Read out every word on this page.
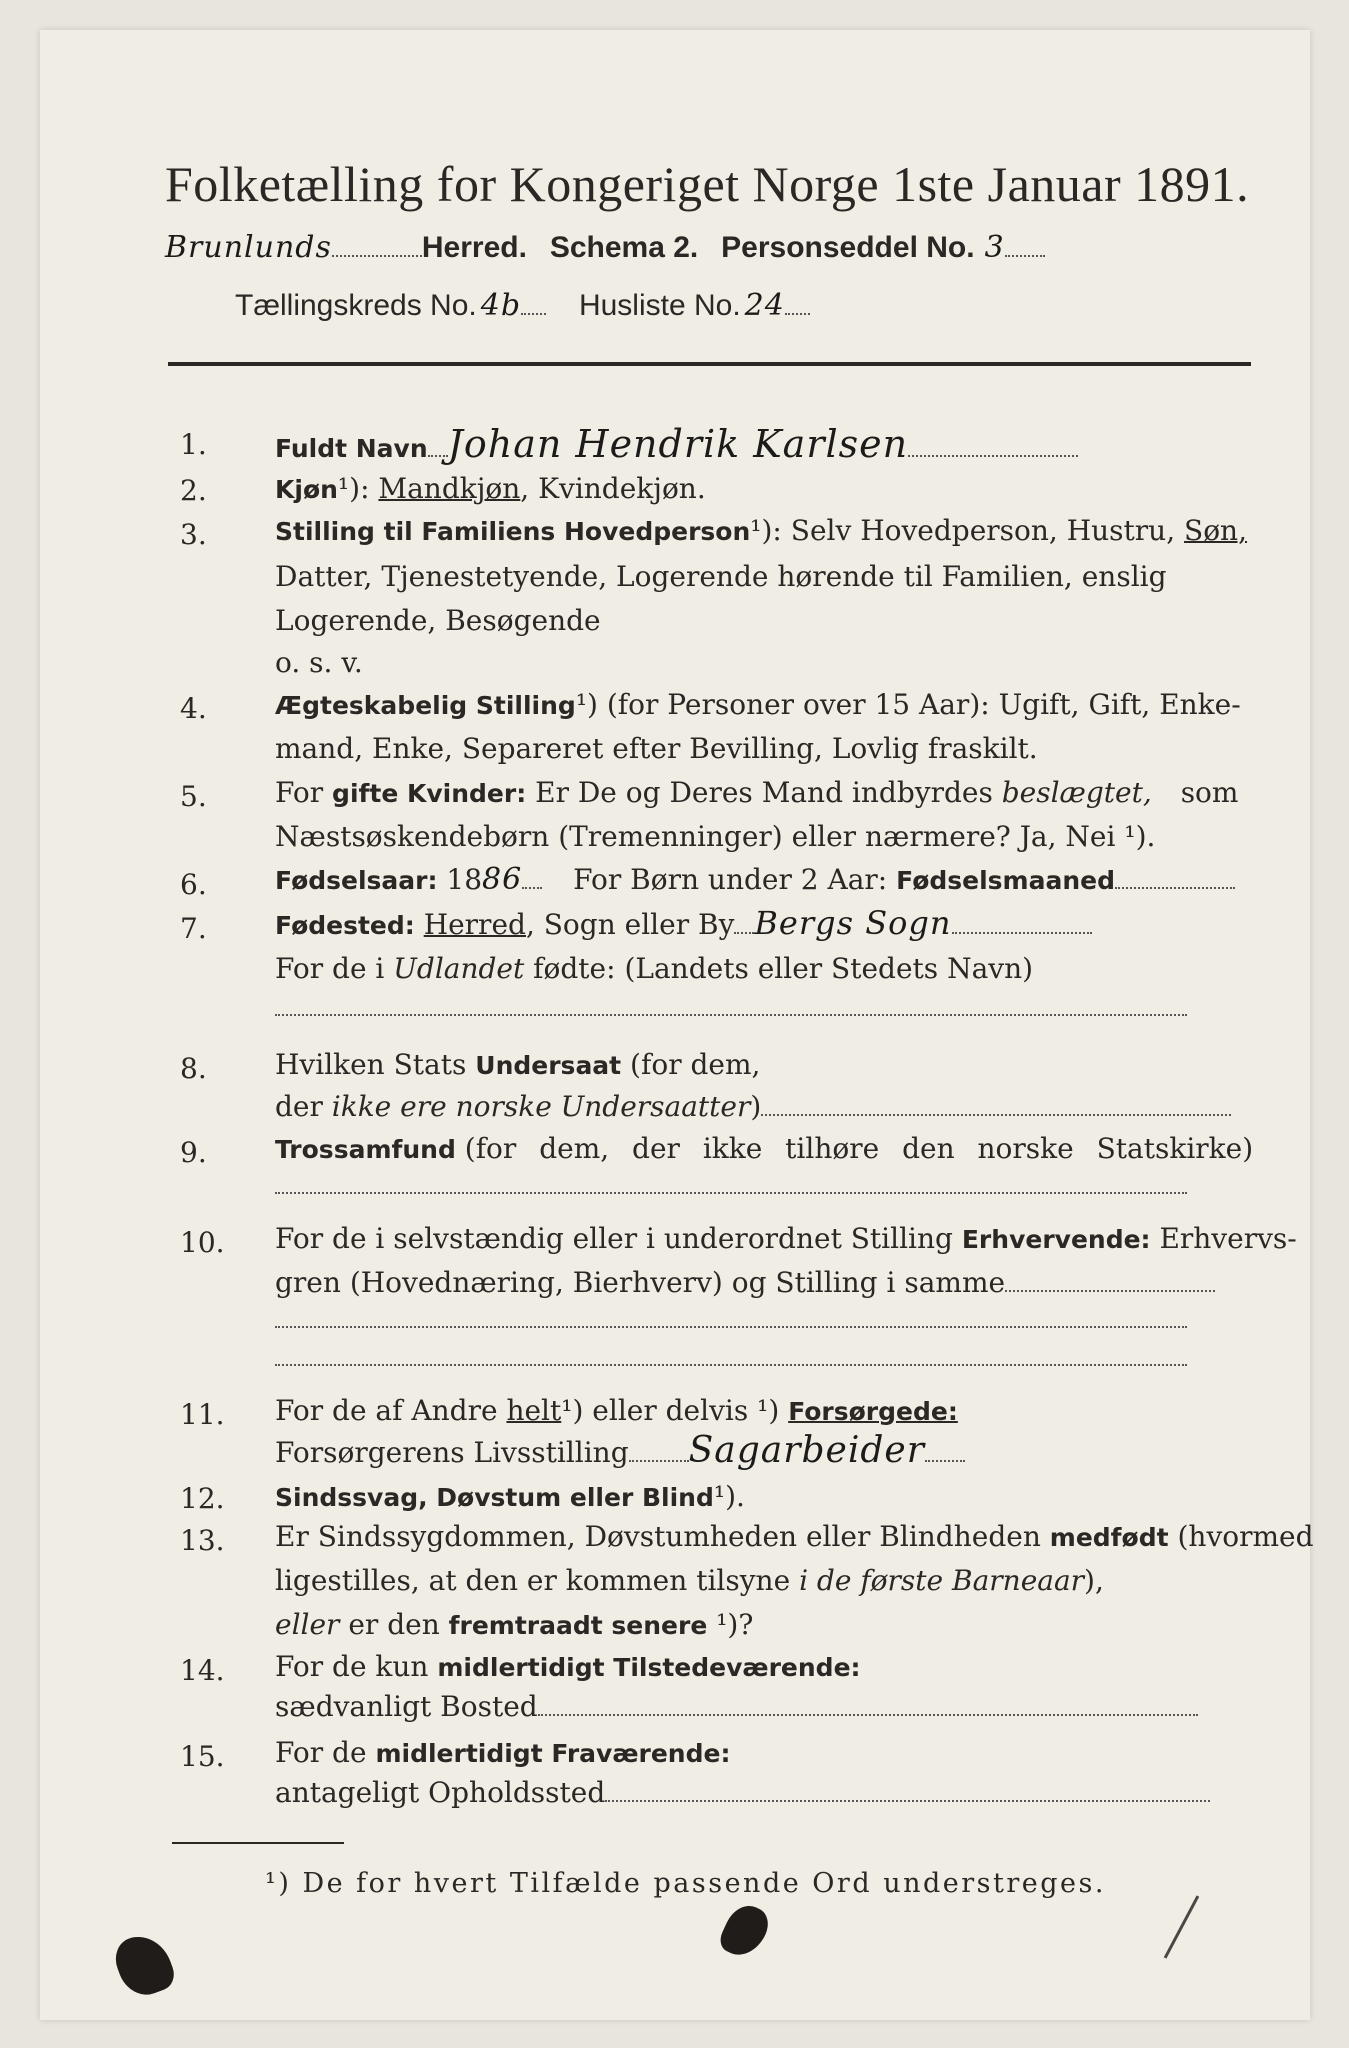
Folketælling for Kongeriget Norge 1ste Januar 1891.
Brunlunds	Herred. Schema 2. Personseddel No. 3
Tællingskreds No. 4b Husliste No. 24
1.	Fuldt Navn Johan Hendrik Karlsen
2.	Kjøn¹): Mandkjøn, Kvindekjøn.
3.	Stilling til Familiens Hovedperson¹): Selv Hovedperson, Hustru, Søn,
Datter, Tjenestetyende, Logerende hørende til Familien, enslig
Logerende, Besøgende
o. s. v.
4.	Ægteskabelig Stilling¹) (for Personer over 15 Aar): Ugift, Gift, Enke-
mand, Enke, Separeret efter Bevilling, Lovlig fraskilt.
5. For gifte Kvinder: Er De og Deres Mand indbyrdes beslægtet, som
Næstsøskendebørn (Tremenninger) eller nærmere? Ja, Nei ¹).
6.	Fødselsaar: 1886 For Børn under 2 Aar: Fødselsmaaned
7.	Fødested: Herred, Sogn eller By Bergs Sogn
For de i Udlandet fødte: (Landets eller Stedets Navn)
8. Hvilken Stats Undersaat (for dem,
der ikke ere norske Undersaatter)
9.	Trossamfund (for dem, der ikke tilhøre den norske Statskirke)
10. For de i selvstændig eller i underordnet Stilling Erhvervende: Erhvervs-
gren (Hovednæring, Bierhverv) og Stilling i samme
11. For de af Andre helt¹) eller delvis ¹) Forsørgede:
Forsørgerens Livsstilling Sagarbeider
12. Sindssvag, Døvstum eller Blind¹).
13. Er Sindssygdommen, Døvstumheden eller Blindheden medfødt (hvormed
ligestilles, at den er kommen tilsyne i de første Barneaar),
eller er den fremtraadt senere ¹)?
14. For de kun midlertidigt Tilstedeværende:
sædvanligt Bosted
15. For de midlertidigt Fraværende:
antageligt Opholdssted
¹) De for hvert Tilfælde passende Ord understreges.
